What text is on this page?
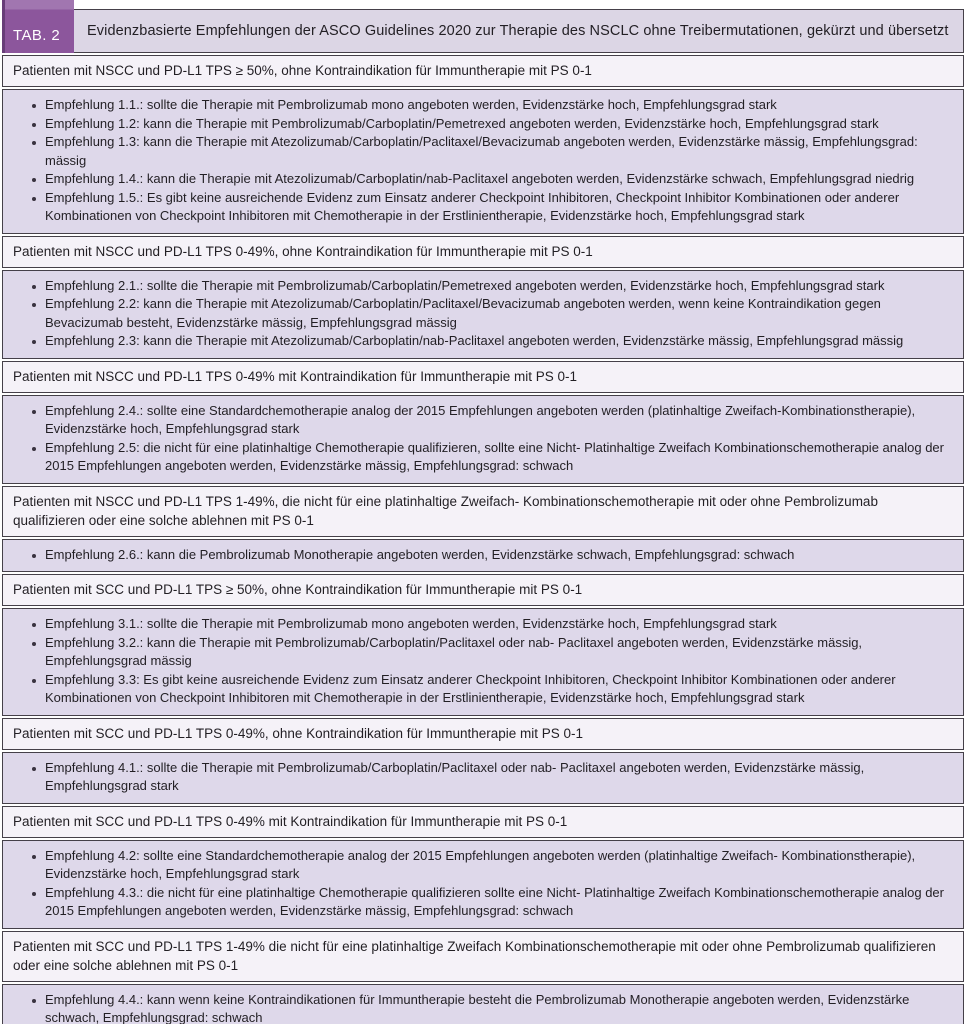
Evidenzbasierte Empfehlungen der ASCO Guidelines 2020 zur Therapie des NSCLC ohne Treibermutationen, gekürzt und übersetzt
TAB. 2
Patienten mit NSCC und PD-L1 TPS ≥ 50%, ohne Kontraindikation für Immuntherapie mit PS 0-1
Empfehlung 1.1.: sollte die Therapie mit Pembrolizumab mono angeboten werden, Evidenzstärke hoch, Empfehlungsgrad stark
Empfehlung 1.2: kann die Therapie mit Pembrolizumab/Carboplatin/Pemetrexed angeboten werden, Evidenzstärke hoch, Empfehlungsgrad stark
Empfehlung 1.3: kann die Therapie mit Atezolizumab/Carboplatin/Paclitaxel/Bevacizumab angeboten werden, Evidenzstärke mässig, Empfehlungsgrad: mässig
Empfehlung 1.4.: kann die Therapie mit Atezolizumab/Carboplatin/nab-Paclitaxel angeboten werden, Evidenzstärke schwach, Empfehlungsgrad niedrig
Empfehlung 1.5.: Es gibt keine ausreichende Evidenz zum Einsatz anderer Checkpoint Inhibitoren, Checkpoint Inhibitor Kombinationen oder anderer Kombinationen von Checkpoint Inhibitoren mit Chemotherapie in der Erstlinientherapie, Evidenzstärke hoch, Empfehlungsgrad stark
Patienten mit NSCC und PD-L1 TPS 0-49%, ohne Kontraindikation für Immuntherapie mit PS 0-1
Empfehlung 2.1.: sollte die Therapie mit Pembrolizumab/Carboplatin/Pemetrexed angeboten werden, Evidenzstärke hoch, Empfehlungsgrad stark
Empfehlung 2.2: kann die Therapie mit Atezolizumab/Carboplatin/Paclitaxel/Bevacizumab angeboten werden, wenn keine Kontraindikation gegen Bevacizumab besteht, Evidenzstärke mässig, Empfehlungsgrad mässig
Empfehlung 2.3: kann die Therapie mit Atezolizumab/Carboplatin/nab-Paclitaxel angeboten werden, Evidenzstärke mässig, Empfehlungsgrad mässig
Patienten mit NSCC und PD-L1 TPS 0-49% mit Kontraindikation für Immuntherapie mit PS 0-1
Empfehlung 2.4.: sollte eine Standardchemotherapie analog der 2015 Empfehlungen angeboten werden (platinhaltige Zweifach-Kombinationstherapie), Evidenzstärke hoch, Empfehlungsgrad stark
Empfehlung 2.5: die nicht für eine platinhaltige Chemotherapie qualifizieren, sollte eine Nicht- Platinhaltige Zweifach Kombinationschemotherapie analog der 2015 Empfehlungen angeboten werden, Evidenzstärke mässig, Empfehlungsgrad: schwach
Patienten mit NSCC und PD-L1 TPS 1-49%, die nicht für eine platinhaltige Zweifach- Kombinationschemotherapie mit oder ohne Pembrolizumab qualifizieren oder eine solche ablehnen mit PS 0-1
Empfehlung 2.6.: kann die Pembrolizumab Monotherapie angeboten werden, Evidenzstärke schwach, Empfehlungsgrad: schwach
Patienten mit SCC und PD-L1 TPS ≥ 50%, ohne Kontraindikation für Immuntherapie mit PS 0-1
Empfehlung 3.1.: sollte die Therapie mit Pembrolizumab mono angeboten werden, Evidenzstärke hoch, Empfehlungsgrad stark
Empfehlung 3.2.: kann die Therapie mit Pembrolizumab/Carboplatin/Paclitaxel oder nab- Paclitaxel angeboten werden, Evidenzstärke mässig, Empfehlungsgrad mässig
Empfehlung 3.3: Es gibt keine ausreichende Evidenz zum Einsatz anderer Checkpoint Inhibitoren, Checkpoint Inhibitor Kombinationen oder anderer Kombinationen von Checkpoint Inhibitoren mit Chemotherapie in der Erstlinientherapie, Evidenzstärke hoch, Empfehlungsgrad stark
Patienten mit SCC und PD-L1 TPS 0-49%, ohne Kontraindikation für Immuntherapie mit PS 0-1
Empfehlung 4.1.: sollte die Therapie mit Pembrolizumab/Carboplatin/Paclitaxel oder nab- Paclitaxel angeboten werden, Evidenzstärke mässig, Empfehlungsgrad stark
Patienten mit SCC und PD-L1 TPS 0-49% mit Kontraindikation für Immuntherapie mit PS 0-1
Empfehlung 4.2: sollte eine Standardchemotherapie analog der 2015 Empfehlungen angeboten werden (platinhaltige Zweifach- Kombinationstherapie), Evidenzstärke hoch, Empfehlungsgrad stark
Empfehlung 4.3.: die nicht für eine platinhaltige Chemotherapie qualifizieren sollte eine Nicht- Platinhaltige Zweifach Kombinationschemotherapie analog der 2015 Empfehlungen angeboten werden, Evidenzstärke mässig, Empfehlungsgrad: schwach
Patienten mit SCC und PD-L1 TPS 1-49% die nicht für eine platinhaltige Zweifach Kombinationschemotherapie mit oder ohne Pembrolizumab qualifizieren oder eine solche ablehnen mit PS 0-1
Empfehlung 4.4.: kann wenn keine Kontraindikationen für Immuntherapie besteht die Pembrolizumab Monotherapie angeboten werden, Evidenzstärke schwach, Empfehlungsgrad: schwach
